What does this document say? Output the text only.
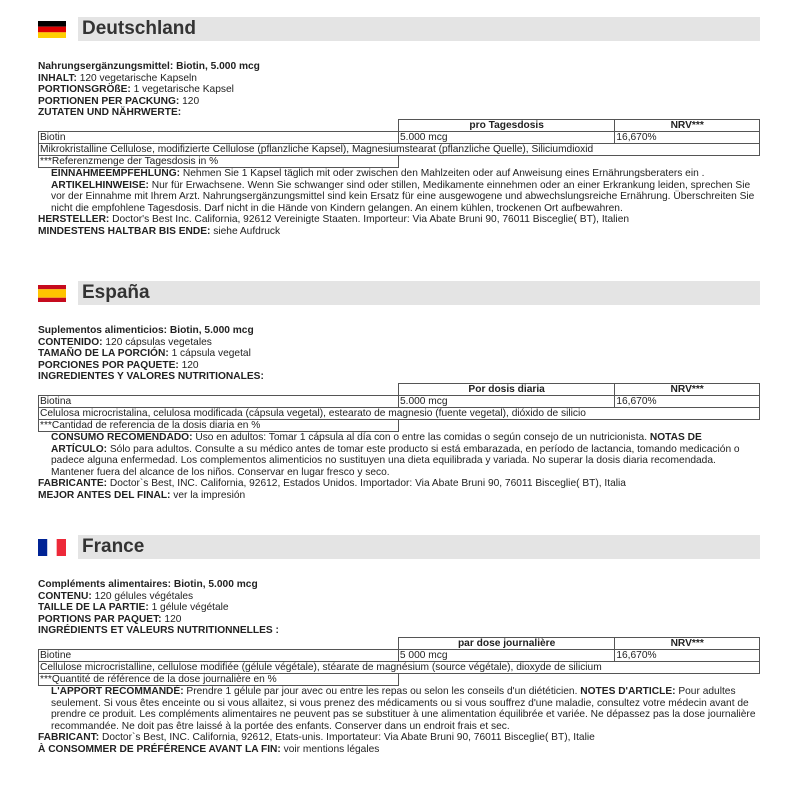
Deutschland

Nahrungsergänzungsmittel: Biotin, 5.000 mcg

INHALT: 120 vegetarische Kapseln

PORTIONSGRÖßE: 1 vegetarische Kapsel

PORTIONEN PER PACKUNG: 120

ZUTATEN UND NÄHRWERTE:

	pro Tagesdosis	NRV***
Biotin	5.000 mcg	16,670%
Mikrokristalline Cellulose, modifizierte Cellulose (pflanzliche Kapsel), Magnesiumstearat (pflanzliche Quelle), Siliciumdioxid		
***Referenzmenge der Tagesdosis in %		

EINNAHMEEMPFEHLUNG: Nehmen Sie 1 Kapsel täglich mit oder zwischen den Mahlzeiten oder auf Anweisung eines Ernährungsberaters ein . ARTIKELHINWEISE: Nur für Erwachsene. Wenn Sie schwanger sind oder stillen, Medikamente einnehmen oder an einer Erkrankung leiden, sprechen Sie vor der Einnahme mit Ihrem Arzt. Nahrungsergänzungsmittel sind kein Ersatz für eine ausgewogene und abwechslungsreiche Ernährung. Überschreiten Sie nicht die empfohlene Tagesdosis. Darf nicht in die Hände von Kindern gelangen. An einem kühlen, trockenen Ort aufbewahren.

HERSTELLER: Doctor's Best Inc. California, 92612 Vereinigte Staaten. Importeur: Via Abate Bruni 90, 76011 Bisceglie( BT), Italien

MINDESTENS HALTBAR BIS ENDE: siehe Aufdruck

España

Suplementos alimenticios: Biotin, 5.000 mcg

CONTENIDO: 120 cápsulas vegetales

TAMAÑO DE LA PORCIÓN: 1 cápsula vegetal

PORCIONES POR PAQUETE: 120

INGREDIENTES Y VALORES NUTRITIONALES:

	Por dosis diaria	NRV***
Biotina	5.000 mcg	16,670%
Celulosa microcristalina, celulosa modificada (cápsula vegetal), estearato de magnesio (fuente vegetal), dióxido de silicio		
***Cantidad de referencia de la dosis diaria en %		

CONSUMO RECOMENDADO: Uso en adultos: Tomar 1 cápsula al día con o entre las comidas o según consejo de un nutricionista. NOTAS DE ARTÍCULO: Sólo para adultos. Consulte a su médico antes de tomar este producto si está embarazada, en período de lactancia, tomando medicación o padece alguna enfermedad. Los complementos alimenticios no sustituyen una dieta equilibrada y variada. No superar la dosis diaria recomendada. Mantener fuera del alcance de los niños. Conservar en lugar fresco y seco.

FABRICANTE: Doctor`s Best, INC. California, 92612, Estados Unidos. Importador: Via Abate Bruni 90, 76011 Bisceglie( BT), Italia

MEJOR ANTES DEL FINAL: ver la impresión

France

Compléments alimentaires: Biotin, 5.000 mcg

CONTENU: 120 gélules végétales

TAILLE DE LA PARTIE: 1 gélule végétale

PORTIONS PAR PAQUET: 120

INGRÉDIENTS ET VALEURS NUTRITIONNELLES :

	par dose journalière	NRV***
Biotine	5 000 mcg	16,670%
Cellulose microcristalline, cellulose modifiée (gélule végétale), stéarate de magnésium (source végétale), dioxyde de silicium		
***Quantité de référence de la dose journalière en %		

L'APPORT RECOMMANDÉ: Prendre 1 gélule par jour avec ou entre les repas ou selon les conseils d'un diététicien. NOTES D'ARTICLE: Pour adultes seulement. Si vous êtes enceinte ou si vous allaitez, si vous prenez des médicaments ou si vous souffrez d'une maladie, consultez votre médecin avant de prendre ce produit. Les compléments alimentaires ne peuvent pas se substituer à une alimentation équilibrée et variée. Ne dépassez pas la dose journalière recommandée. Ne doit pas être laissé à la portée des enfants. Conserver dans un endroit frais et sec.

FABRICANT: Doctor`s Best, INC. California, 92612, Etats-unis. Importateur: Via Abate Bruni 90, 76011 Bisceglie( BT), Italie

À CONSOMMER DE PRÉFÉRENCE AVANT LA FIN: voir mentions légales
